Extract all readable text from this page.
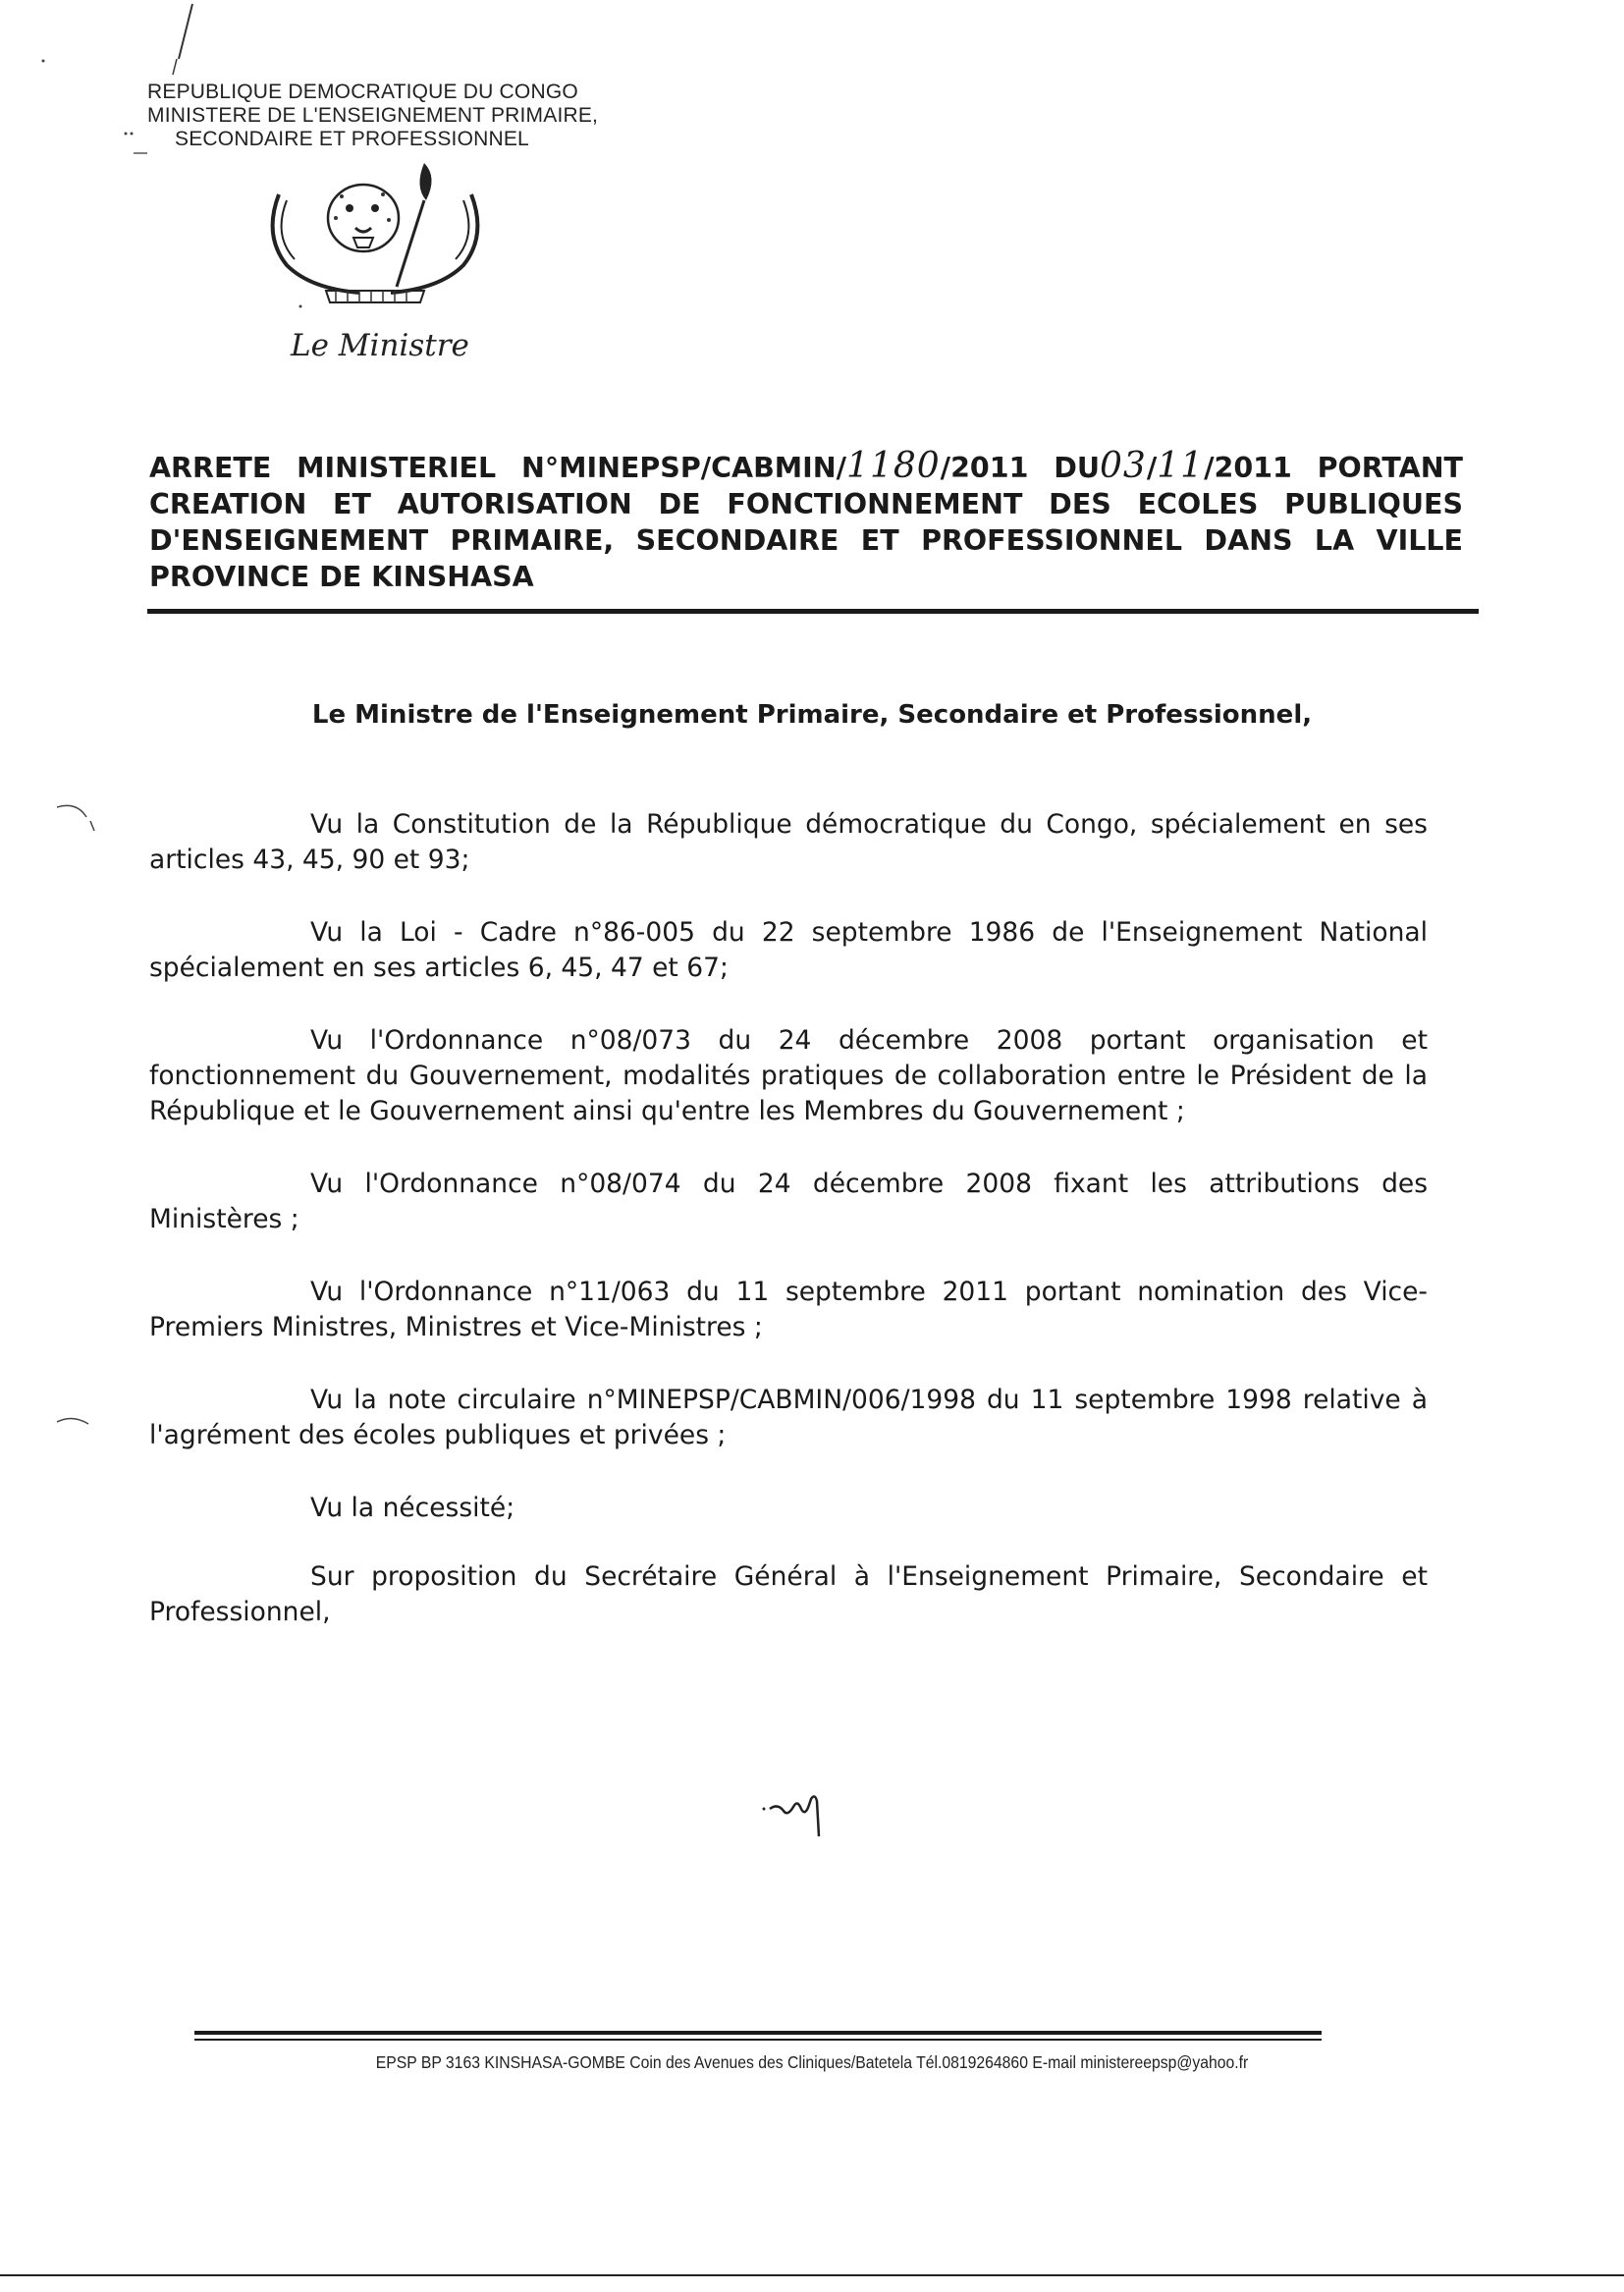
REPUBLIQUE DEMOCRATIQUE DU CONGO
MINISTERE DE L'ENSEIGNEMENT PRIMAIRE,
SECONDAIRE ET PROFESSIONNEL
Le Ministre
ARRETE MINISTERIEL N°MINEPSP/CABMIN/1180/2011 DU03/11/2011 PORTANT
CREATION ET AUTORISATION DE FONCTIONNEMENT DES ECOLES PUBLIQUES
D'ENSEIGNEMENT PRIMAIRE, SECONDAIRE ET PROFESSIONNEL DANS LA VILLE
PROVINCE DE KINSHASA
Le Ministre de l'Enseignement Primaire, Secondaire et Professionnel,

Vu la Constitution de la République démocratique du Congo, spécialement en ses articles 43, 45, 90 et 93;

Vu la Loi - Cadre n°86-005 du 22 septembre 1986 de l'Enseignement National spécialement en ses articles 6, 45, 47 et 67;

Vu l'Ordonnance n°08/073 du 24 décembre 2008 portant organisation et fonctionnement du Gouvernement, modalités pratiques de collaboration entre le Président de la République et le Gouvernement ainsi qu'entre les Membres du Gouvernement ;

Vu l'Ordonnance n°08/074 du 24 décembre 2008 fixant les attributions des Ministères ;

Vu l'Ordonnance n°11/063 du 11 septembre 2011 portant nomination des Vice-Premiers Ministres, Ministres et Vice-Ministres ;

Vu la note circulaire n°MINEPSP/CABMIN/006/1998 du 11 septembre 1998 relative à l'agrément des écoles publiques et privées ;

Vu la nécessité;

Sur proposition du Secrétaire Général à l'Enseignement Primaire, Secondaire et Professionnel,

EPSP BP 3163 KINSHASA-GOMBE Coin des Avenues des Cliniques/Batetela Tél.0819264860 E-mail ministereepsp@yahoo.fr
